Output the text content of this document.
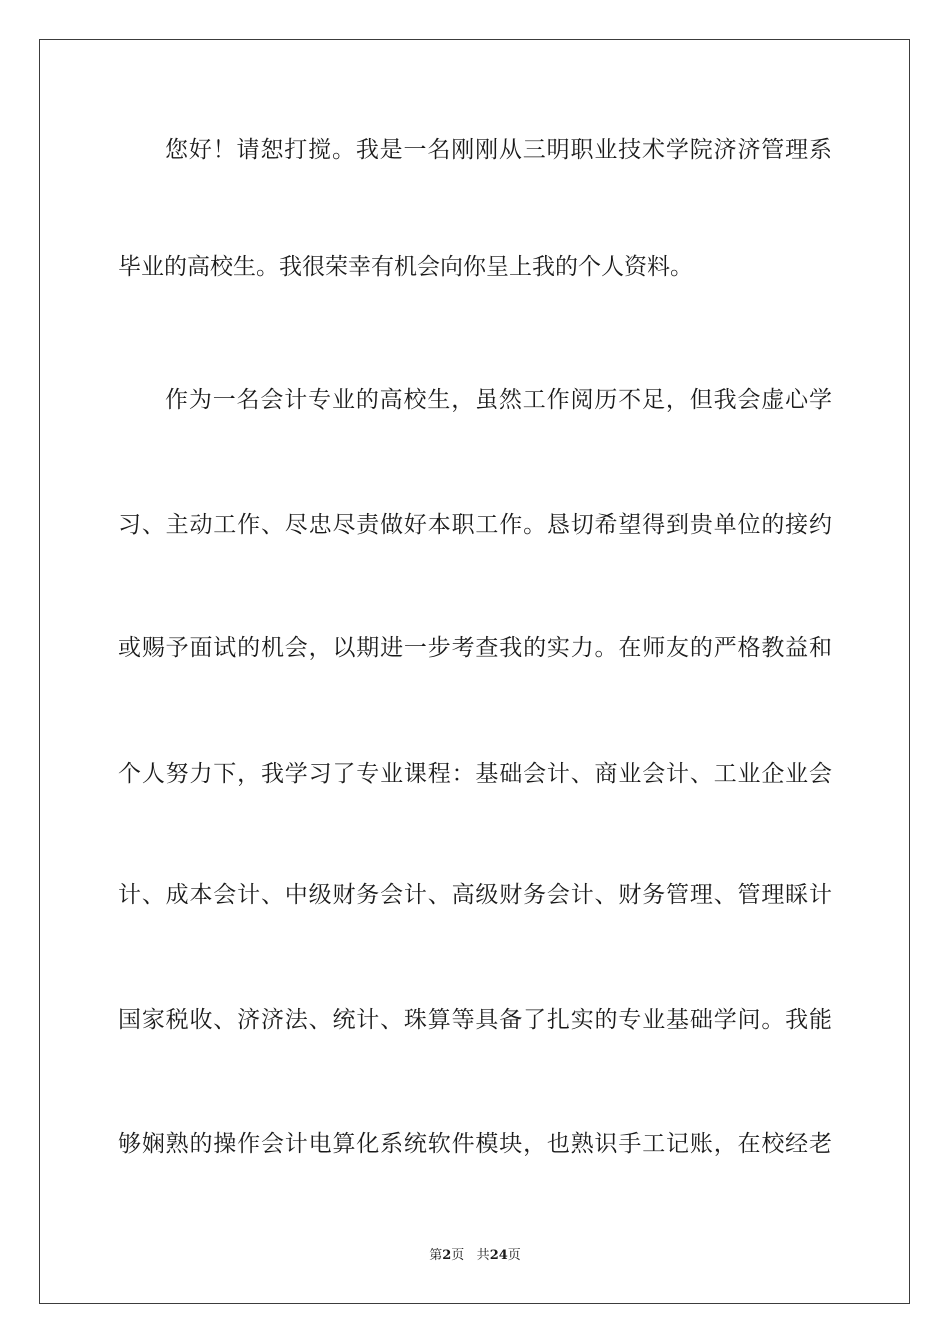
您好！请恕打搅。我是一名刚刚从三明职业技术学院济济管理系
毕业的高校生。我很荣幸有机会向你呈上我的个人资料。
作为一名会计专业的高校生，虽然工作阅历不足，但我会虚心学
习、主动工作、尽忠尽责做好本职工作。恳切希望得到贵单位的接约
或赐予面试的机会，以期进一步考查我的实力。在师友的严格教益和
个人努力下，我学习了专业课程：基础会计、商业会计、工业企业会
计、成本会计、中级财务会计、高级财务会计、财务管理、管理睬计
国家税收、济济法、统计、珠算等具备了扎实的专业基础学问。我能
够娴熟的操作会计电算化系统软件模块，也熟识手工记账，在校经老
第2页 共24页
